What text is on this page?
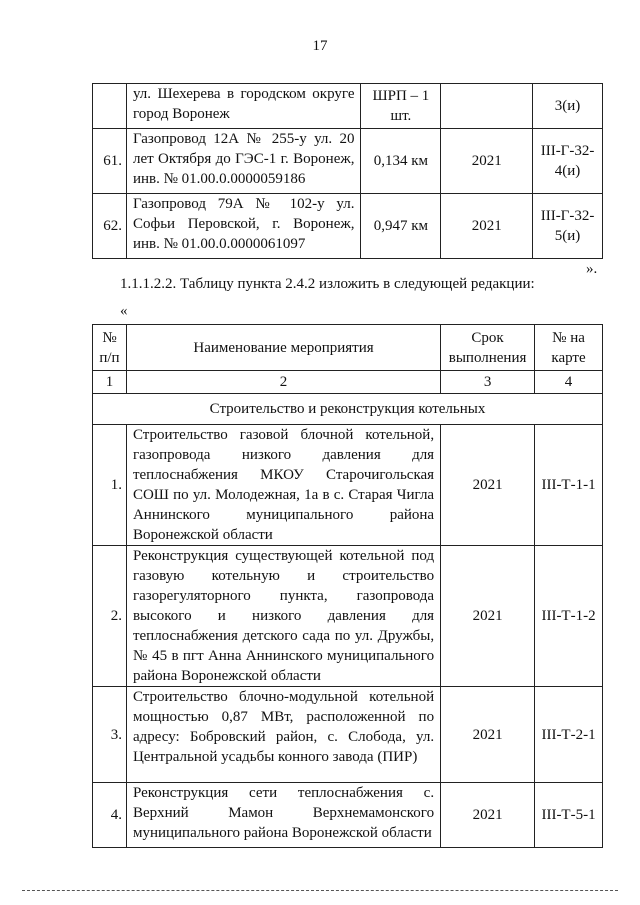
17
	ул. Шехерева в городском округе город Воронеж	ШРП – 1 шт.		3(и)
61.	Газопровод 12А № 255-у ул. 20 лет Октября до ГЭС-1 г. Воронеж, инв. № 01.00.0.0000059186	0,134 км	2021	III-Г-32-4(и)
62.	Газопровод 79А № 102-у ул. Софьи Перовской, г. Воронеж, инв. № 01.00.0.0000061097	0,947 км	2021	III-Г-32-5(и)
».
1.1.1.2.2. Таблицу пункта 2.4.2 изложить в следующей редакции:
«
№ п/п	Наименование мероприятия	Срок выполнения	№ на карте
1	2	3	4
Строительство и реконструкция котельных			
1.	Строительство газовой блочной котельной, газопровода низкого давления для теплоснабжения МКОУ Старочигольская СОШ по ул. Молодежная, 1а в с. Старая Чигла Аннинского муниципального района Воронежской области	2021	III-Т-1-1
2.	Реконструкция существующей котельной под газовую котельную и строительство газорегуляторного пункта, газопровода высокого и низкого давления для теплоснабжения детского сада по ул. Дружбы, № 45 в пгт Анна Аннинского муниципального района Воронежской области	2021	III-Т-1-2
3.	Строительство блочно-модульной котельной мощностью 0,87 МВт, расположенной по адресу: Бобровский район, с. Слобода, ул. Центральной усадьбы конного завода (ПИР)	2021	III-Т-2-1
4.	Реконструкция сети теплоснабжения с. Верхний Мамон Верхнемамонского муниципального района Воронежской области	2021	III-Т-5-1
